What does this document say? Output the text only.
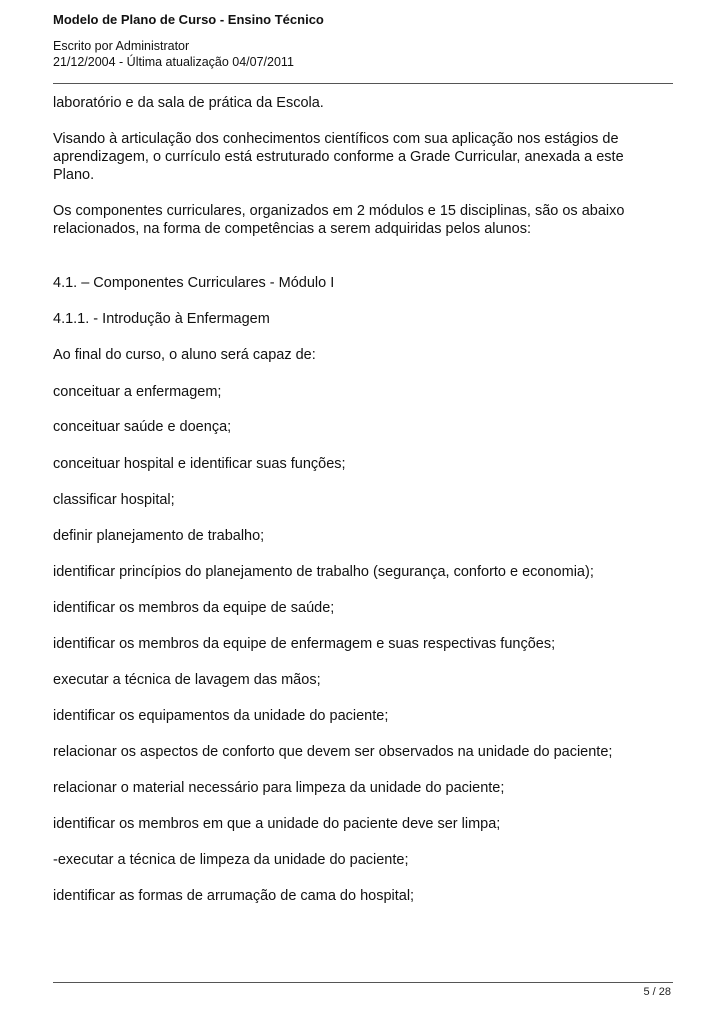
Modelo de Plano de Curso - Ensino Técnico
Escrito por Administrator
21/12/2004 - Última atualização 04/07/2011

laboratório e da sala de prática da Escola.

Visando à articulação dos conhecimentos científicos com sua aplicação nos estágios de aprendizagem, o currículo está estruturado conforme a Grade Curricular, anexada a este Plano.

Os componentes curriculares, organizados em 2 módulos e 15 disciplinas, são os abaixo relacionados, na forma de competências a serem adquiridas pelos alunos:

4.1. – Componentes Curriculares - Módulo I

4.1.1. - Introdução à Enfermagem

Ao final do curso, o aluno será capaz de:

conceituar a enfermagem;

conceituar saúde e doença;

conceituar hospital e identificar suas funções;

classificar hospital;

definir planejamento de trabalho;

identificar princípios do planejamento de trabalho (segurança, conforto e economia);

identificar os membros da equipe de saúde;

identificar os membros da equipe de enfermagem e suas respectivas funções;

executar a técnica de lavagem das mãos;

identificar os equipamentos da unidade do paciente;

relacionar os aspectos de conforto que devem ser observados na unidade do paciente;

relacionar o material necessário para limpeza da unidade do paciente;

identificar os membros em que a unidade do paciente deve ser limpa;

-executar a técnica de limpeza da unidade do paciente;

identificar as formas de arrumação de cama do hospital;

5 / 28
